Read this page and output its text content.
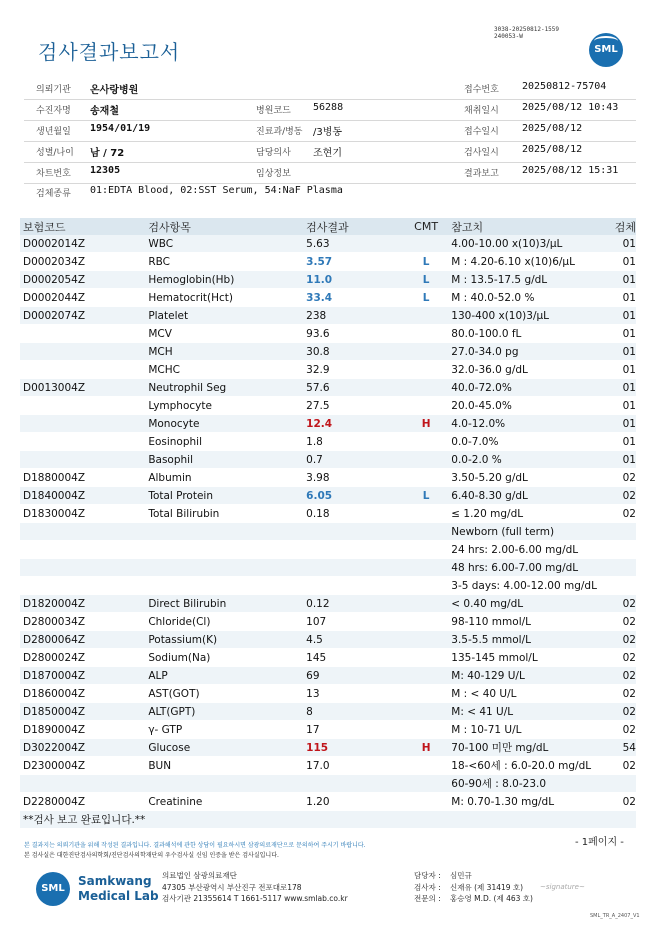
검사결과보고서
3038-20250812-1559
240053-W
SML
의뢰기관 온사랑병원	접수번호 20250812-75704
수진자명 송재철	병원코드 56288	채취일시 2025/08/12 10:43
생년월일 1954/01/19	진료과/병동 /3병동	접수일시 2025/08/12
성별/나이 남 / 72	담당의사 조현기	검사일시 2025/08/12
차트번호 12305	임상정보	결과보고 2025/08/12 15:31
검체종류 01:EDTA Blood, 02:SST Serum, 54:NaF Plasma
보험코드	검사항목	검사결과	CMT	참고치	검체
D0002014Z	WBC	5.63		4.00-10.00 x(10)3/μL	01
D0002034Z	RBC	3.57	L	M : 4.20-6.10 x(10)6/μL	01
D0002054Z	Hemoglobin(Hb)	11.0	L	M : 13.5-17.5 g/dL	01
D0002044Z	Hematocrit(Hct)	33.4	L	M : 40.0-52.0 %	01
D0002074Z	Platelet	238		130-400 x(10)3/μL	01
	MCV	93.6		80.0-100.0 fL	01
	MCH	30.8		27.0-34.0 pg	01
	MCHC	32.9		32.0-36.0 g/dL	01
D0013004Z	Neutrophil Seg	57.6		40.0-72.0%	01
	Lymphocyte	27.5		20.0-45.0%	01
	Monocyte	12.4	H	4.0-12.0%	01
	Eosinophil	1.8		0.0-7.0%	01
	Basophil	0.7		0.0-2.0 %	01
D1880004Z	Albumin	3.98		3.50-5.20 g/dL	02
D1840004Z	Total Protein	6.05	L	6.40-8.30 g/dL	02
D1830004Z	Total Bilirubin	0.18		≤ 1.20 mg/dL	02
				Newborn (full term)	
				24 hrs: 2.00-6.00 mg/dL	
				48 hrs: 6.00-7.00 mg/dL	
				3-5 days: 4.00-12.00 mg/dL	
D1820004Z	Direct Bilirubin	0.12		< 0.40 mg/dL	02
D2800034Z	Chloride(Cl)	107		98-110 mmol/L	02
D2800064Z	Potassium(K)	4.5		3.5-5.5 mmol/L	02
D2800024Z	Sodium(Na)	145		135-145 mmol/L	02
D1870004Z	ALP	69		M: 40-129 U/L	02
D1860004Z	AST(GOT)	13		M : < 40 U/L	02
D1850004Z	ALT(GPT)	8		M: < 41 U/L	02
D1890004Z	γ- GTP	17		M : 10-71 U/L	02
D3022004Z	Glucose	115	H	70-100 미만 mg/dL	54
D2300004Z	BUN	17.0		18-<60세 : 6.0-20.0 mg/dL	02
				60-90세 : 8.0-23.0	
D2280004Z	Creatinine	1.20		M: 0.70-1.30 mg/dL	02
**검사 보고 완료입니다.**					

- 1페이지 -
본 결과지는 의뢰기관을 위해 작성된 결과입니다. 결과해석에 관한 상담이 필요하시면 삼광의료재단으로 문의하여 주시기 바랍니다.
본 검사실은 대한진단검사의학회/진단검사의학재단의 우수검사실 신임 인증을 받은 검사실입니다.
SML
Samkwang
Medical Lab
의료법인 삼광의료재단
47305 부산광역시 부산진구 전포대로178
검사기관 21355614 T 1661-5117 www.smlab.co.kr
담당자 : 심민규
검사자 : 신재유 (제 31419 호)
전문의 : 홍승영 M.D. (제 463 호)
~signature~
SML_TR_A_2407_V1
